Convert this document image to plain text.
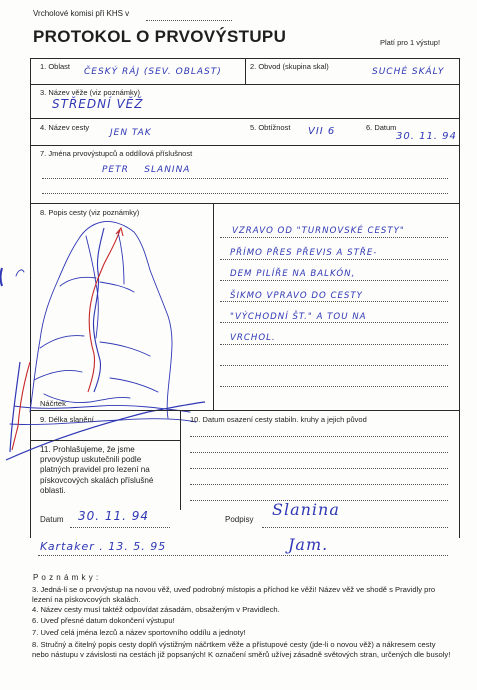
Vrcholové komisi při KHS v
PROTOKOL O PRVOVÝSTUPU	Platí pro 1 výstup!
1. Oblast
ČESKÝ RÁJ (SEV. OBLAST)
2. Obvod (skupina skal)
SUCHÉ SKÁLY
3. Název věže (viz poznámky)
STŘEDNÍ VĚŽ
4. Název cesty
JEN TAK
5. Obtížnost VII 6	6. Datum
30. 11. 94
7. Jména prvovýstupců a oddílová příslušnost
PETR    SLANINA
8. Popis cesty (viz poznámky)
VZRAVO OD "TURNOVSKÉ CESTY"
PŘÍMO PŘES PŘEVIS A STŘE-
DEM PILÍŘE NA BALKÓN,
ŠIKMO VPRAVO DO CESTY
"VÝCHODNÍ ŠT." A TOU NA
VRCHOL.
Náčrtek
9. Délka slanění	10. Datum osazení cesty stabiln. kruhy a jejich původ
11. Prohlašujeme, že jsme prvovýstup uskutečnili podle platných pravidel pro lezení na pískovcových skalách příslušné oblasti.
Datum 30. 11. 94	Podpisy
Slanina
Kartaker . 13. 5. 95	Jam.
P o z n á m k y :
3. Jedná-li se o prvovýstup na novou věž, uveď podrobný místopis a příchod ke věži! Název věž ve shodě s Pravidly pro lezení na pískovcových skalách.
4. Název cesty musí taktéž odpovídat zásadám, obsaženým v Pravidlech.
6. Uveď přesné datum dokončení výstupu!
7. Uveď celá jména lezců a název sportovního oddílu a jednoty!
8. Stručný a čitelný popis cesty doplň výstižným náčrtkem věže a přístupové cesty (jde-li o novou věž) a nákresem cesty nebo nástupu v závislosti na cestách již popsaných! K označení směrů užívej zásadně světových stran, určených dle busoly!
